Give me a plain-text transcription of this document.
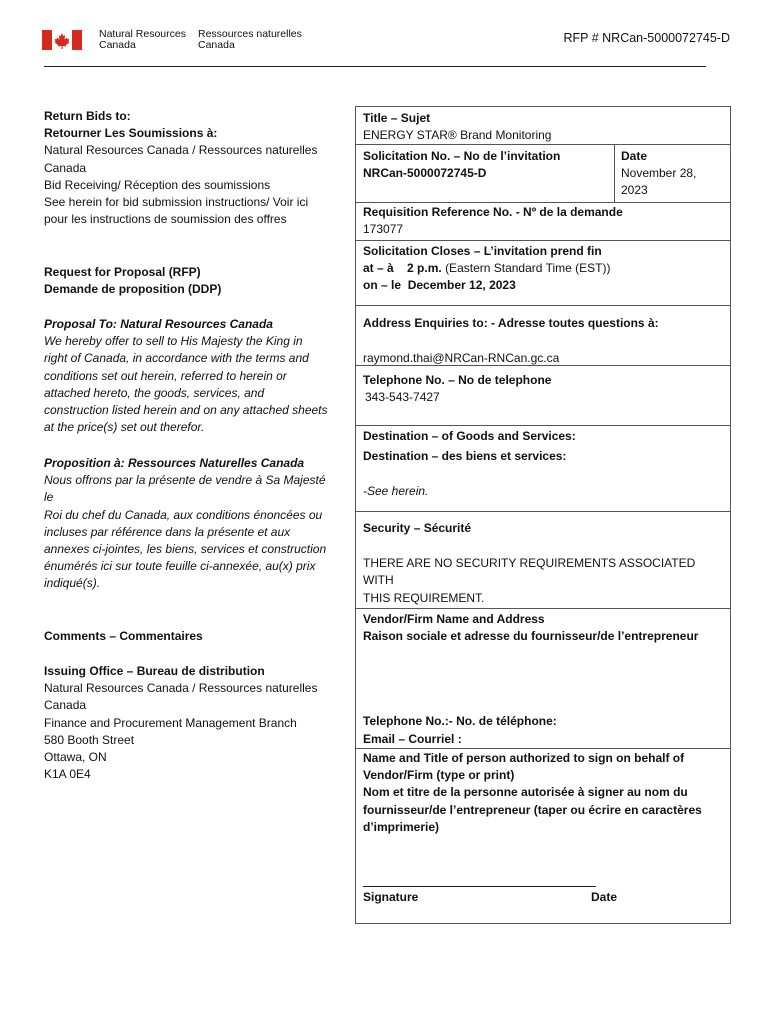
Natural Resources
Canada
Ressources naturelles
Canada	RFP # NRCan-5000072745-D

Return Bids to:

Retourner Les Soumissions à:

Natural Resources Canada / Ressources naturelles

Canada

Bid Receiving/ Réception des soumissions

See herein for bid submission instructions/ Voir ici

pour les instructions de soumission des offres

Request for Proposal (RFP)

Demande de proposition (DDP)

Proposal To: Natural Resources Canada

We hereby offer to sell to His Majesty the King in

right of Canada, in accordance with the terms and

conditions set out herein, referred to herein or

attached hereto, the goods, services, and

construction listed herein and on any attached sheets

at the price(s) set out therefor.

Proposition à: Ressources Naturelles Canada

Nous offrons par la présente de vendre à Sa Majesté

le

Roi du chef du Canada, aux conditions énoncées ou

incluses par référence dans la présente et aux

annexes ci-jointes, les biens, services et construction

énumérés ici sur toute feuille ci-annexée, au(x) prix

indiqué(s).

Comments – Commentaires

Issuing Office – Bureau de distribution

Natural Resources Canada / Ressources naturelles

Canada

Finance and Procurement Management Branch

580 Booth Street

Ottawa, ON

K1A 0E4

Title – Sujet

ENERGY STAR® Brand Monitoring

Solicitation No. – No de l’invitation

NRCan-5000072745-D

Date

November 28,

2023

Requisition Reference No. - Nº de la demande

173077

Solicitation Closes – L’invitation prend fin

at – à 2 p.m. (Eastern Standard Time (EST))

on – le December 12, 2023

Address Enquiries to: - Adresse toutes questions à:

raymond.thai@NRCan-RNCan.gc.ca

Telephone No. – No de telephone

343-543-7427

Destination – of Goods and Services:

Destination – des biens et services:

-See herein.

Security – Sécurité

THERE ARE NO SECURITY REQUIREMENTS ASSOCIATED WITH

THIS REQUIREMENT.

Vendor/Firm Name and Address

Raison sociale et adresse du fournisseur/de l’entrepreneur

Telephone No.:- No. de téléphone:

Email – Courriel :

Name and Title of person authorized to sign on behalf of

Vendor/Firm (type or print)

Nom et titre de la personne autorisée à signer au nom du

fournisseur/de l’entrepreneur (taper ou écrire en caractères

d’imprimerie)

Signature	Date
